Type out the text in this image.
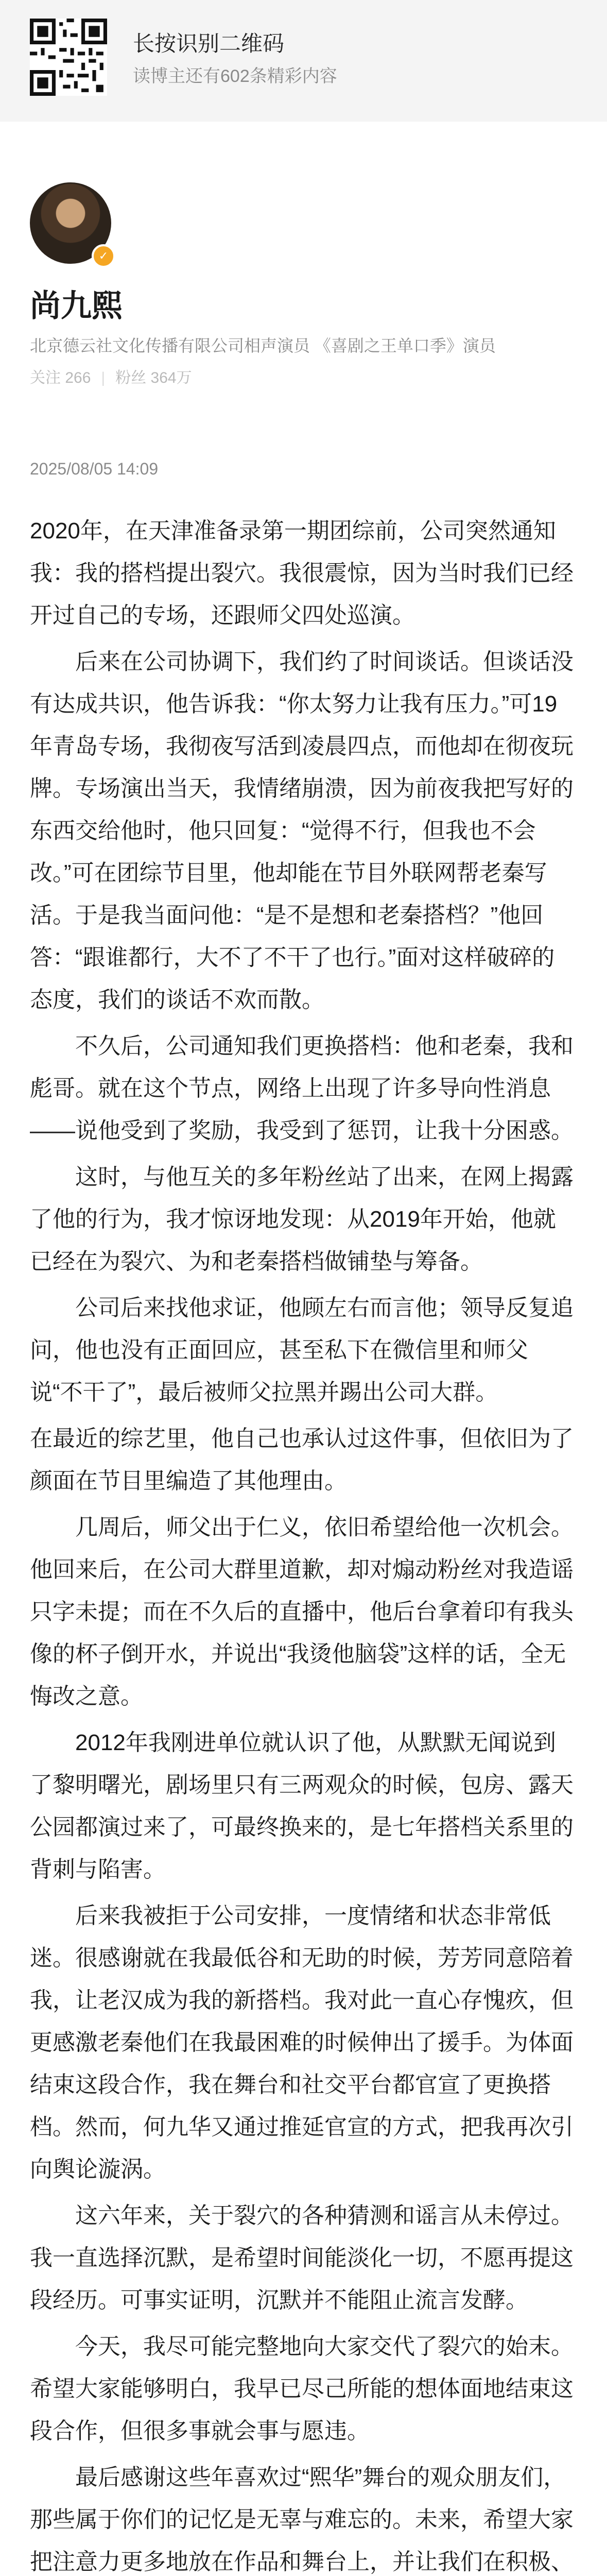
长按识别二维码
读博主还有602条精彩内容
✓
尚九熙
北京德云社文化传播有限公司相声演员 《喜剧之王单口季》演员
关注 266 | 粉丝 364万
2025/08/05 14:09

2020年，在天津准备录第一期团综前，公司突然通知我：我的搭档提出裂穴。我很震惊，因为当时我们已经开过自己的专场，还跟师父四处巡演。

后来在公司协调下，我们约了时间谈话。但谈话没有达成共识，他告诉我：“你太努力让我有压力。”可19年青岛专场，我彻夜写活到凌晨四点，而他却在彻夜玩牌。专场演出当天，我情绪崩溃，因为前夜我把写好的东西交给他时，他只回复：“觉得不行，但我也不会改。”可在团综节目里，他却能在节目外联网帮老秦写活。于是我当面问他：“是不是想和老秦搭档？”他回答：“跟谁都行，大不了不干了也行。”面对这样破碎的态度，我们的谈话不欢而散。

不久后，公司通知我们更换搭档：他和老秦，我和彪哥。就在这个节点，网络上出现了许多导向性消息——说他受到了奖励，我受到了惩罚，让我十分困惑。

这时，与他互关的多年粉丝站了出来，在网上揭露了他的行为，我才惊讶地发现：从2019年开始，他就已经在为裂穴、为和老秦搭档做铺垫与筹备。

公司后来找他求证，他顾左右而言他；领导反复追问，他也没有正面回应，甚至私下在微信里和师父说“不干了”，最后被师父拉黑并踢出公司大群。

在最近的综艺里，他自己也承认过这件事，但依旧为了颜面在节目里编造了其他理由。

几周后，师父出于仁义，依旧希望给他一次机会。他回来后，在公司大群里道歉，却对煽动粉丝对我造谣只字未提；而在不久后的直播中，他后台拿着印有我头像的杯子倒开水，并说出“我烫他脑袋”这样的话，全无悔改之意。

2012年我刚进单位就认识了他，从默默无闻说到了黎明曙光，剧场里只有三两观众的时候，包房、露天公园都演过来了，可最终换来的，是七年搭档关系里的背刺与陷害。

后来我被拒于公司安排，一度情绪和状态非常低迷。很感谢就在我最低谷和无助的时候，芳芳同意陪着我，让老汉成为我的新搭档。我对此一直心存愧疚，但更感激老秦他们在我最困难的时候伸出了援手。为体面结束这段合作，我在舞台和社交平台都官宣了更换搭档。然而，何九华又通过推延官宣的方式，把我再次引向舆论漩涡。

这六年来，关于裂穴的各种猜测和谣言从未停过。我一直选择沉默，是希望时间能淡化一切，不愿再提这段经历。可事实证明，沉默并不能阻止流言发酵。

今天，我尽可能完整地向大家交代了裂穴的始末。希望大家能够明白，我早已尽己所能的想体面地结束这段合作，但很多事就会事与愿违。

最后感谢这些年喜欢过“熙华”舞台的观众朋友们，那些属于你们的记忆是无辜与难忘的。未来，希望大家把注意力更多地放在作品和舞台上，并让我们在积极、
